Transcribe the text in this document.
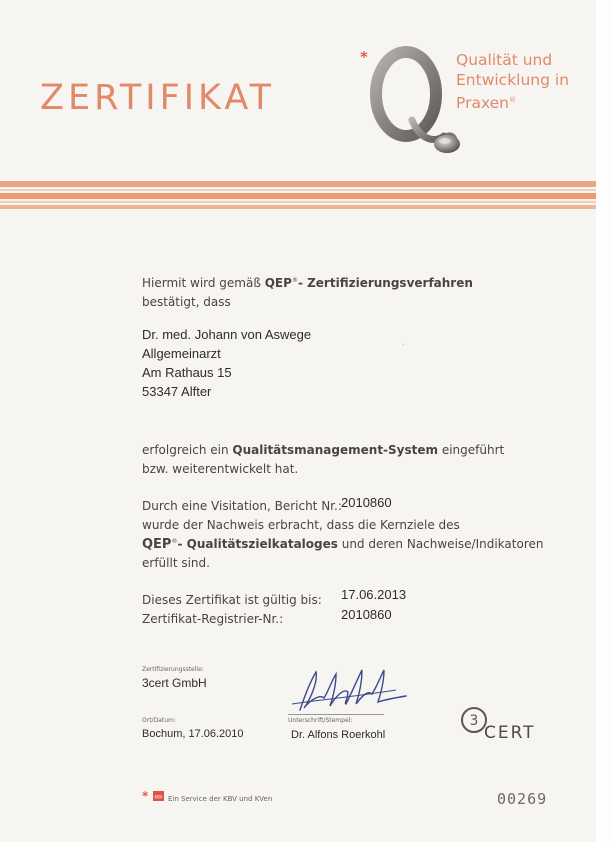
ZERTIFIKAT
*	Qualität und
Entwicklung in
Praxen®
Hiermit wird gemäß QEP®- Zertifizierungsverfahren
bestätigt, dass
Dr. med. Johann von Aswege
Allgemeinarzt
Am Rathaus 15
53347 Alfter
˙
erfolgreich ein Qualitätsmanagement-System eingeführt
bzw. weiterentwickelt hat.
Durch eine Visitation, Bericht Nr.: 2010860
wurde der Nachweis erbracht, dass die Kernziele des
QEP®- Qualitätszielkataloges und deren Nachweise/Indikatoren
erfüllt sind.
Dieses Zertifikat ist gültig bis: 17.06.2013
Zertifikat-Registrier-Nr.:	2010860
Zertifizierungsstelle:
3cert GmbH
Ort/Datum:
Bochum, 17.06.2010
Unterschrift/Stempel:
Dr. Alfons Roerkohl
3
CERT
* KBV Ein Service der KBV und KVen	00269
